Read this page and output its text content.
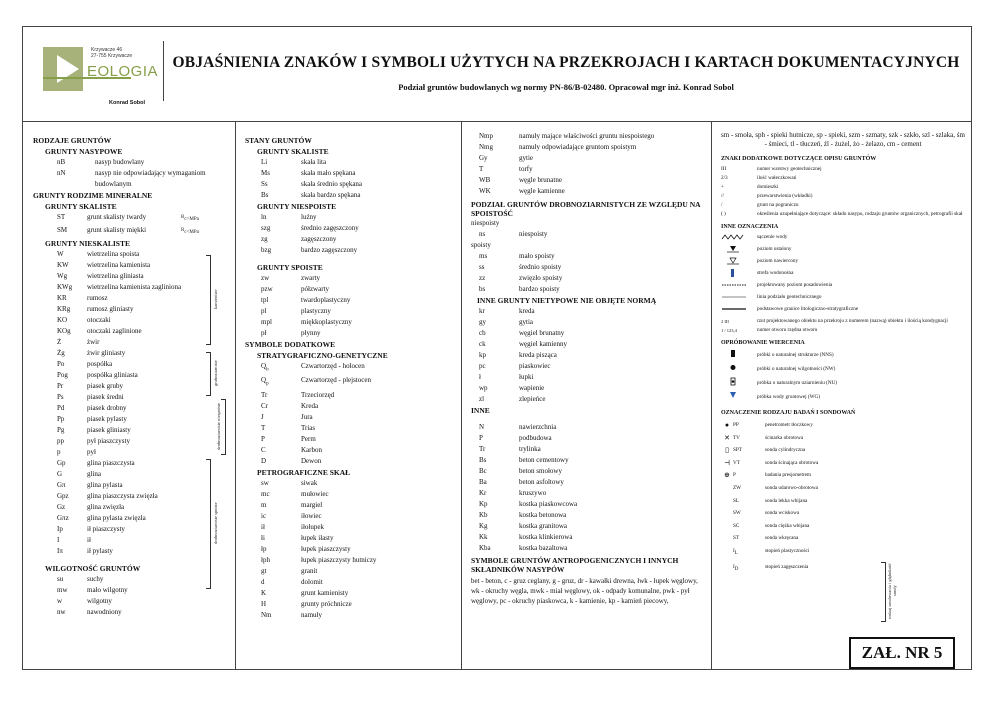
Krzywacze 46
27-755 Krzywacze
EOLOGIA
Konrad Sobol
OBJAŚNIENIA ZNAKÓW I SYMBOLI UŻYTYCH NA PRZEKROJACH I KARTACH DOKUMENTACYJNYCH
Podział gruntów budowlanych wg normy PN-86/B-02480. Opracował mgr inż. Konrad Sobol
RODZAJE GRUNTÓW
GRUNTY NASYPOWE
nB	nasyp budowlany
nN	nasyp nie odpowiadający wymaganiom budowlanym
GRUNTY RODZIME MINERALNE
GRUNTY SKALISTE
ST	grunt skalisty twardy	$R_{c>MPa}$
SM	grunt skalisty miękki	$R_{c<MPa}$
GRUNTY NIESKALISTE
W	wietrzelina spoista
KW	wietrzelina kamienista
Wg	wietrzelina gliniasta
KWg	wietrzelina kamienista zagliniona
KR	rumosz
KRg	rumosz gliniasty
KO	otoczaki
KOg	otoczaki zaglinione
Ż	żwir
Żg	żwir gliniasty
Po	pospółka
Pog	pospółka gliniasta
Pr	piasek gruby
Ps	piasek średni
Pd	piasek drobny
Pp	piasek pylasty
Pg	piasek gliniasty
pp	pył piaszczysty
p	pył
Gp	glina piaszczysta
G	glina
Gπ	glina pylasta
Gpz	glina piaszczysta zwięzła
Gz	glina zwięzła
Gπz	glina pylasta zwięzła
Ip	ił piaszczysty
I	ił
Iπ	ił pylasty
WILGOTNOŚĆ GRUNTÓW
su	suchy
mw	mało wilgotny
w	wilgotny
nw	nawodniony
kamieniste
gruboziarniste
drobnoziarniste niespoiste
drobnoziarniste spoiste
STANY GRUNTÓW
GRUNTY SKALISTE
Li	skała lita
Ms	skała mało spękana
Ss	skała średnio spękana
Bs	skała bardzo spękana
GRUNTY NIESPOISTE
ln	luźny
szg	średnio zagęszczony
zg	zagęszczony
bzg	bardzo zagęszczony
GRUNTY SPOISTE
zw	zwarty
pzw	półzwarty
tpl	twardoplastyczny
pl	plastyczny
mpl	miękkoplastyczny
pł	płynny
SYMBOLE DODATKOWE
STRATYGRAFICZNO-GENETYCZNE
$Q_h$	Czwartorzęd - holocen
$Q_p$	Czwartorzęd - plejstocen
Tr	Trzeciorzęd
Cr	Kreda
J	Jura
T	Trias
P	Perm
C	Karbon
D	Dewon
PETROGRAFICZNE SKAŁ
sw	siwak
mc	mułowiec
m	margiel
ic	iłowiec
ił	iłołupek
łi	łupek iłasty
łp	łupek piaszczysty
łph	łupek piaszczysty hutniczy
gt	granit
d	dolomit
K	grunt kamienisty
H	grunty próchnicze
Nm	namuły
Nmp	namuły mające właściwości gruntu niespoistego
Nmg	namuły odpowiadające gruntom spoistym
Gy	gytie
T	torfy
WB	węgle brunatne
WK	węgle kamienne
PODZIAŁ GRUNTÓW DROBNOZIARNISTYCH ZE WZGLĘDU NA SPOISTOŚĆ
niespoisty
ns	niespoisty
spoisty
ms	mało spoisty
ss	średnio spoisty
zz	zwięzło spoisty
bs	bardzo spoisty
INNE GRUNTY NIETYPOWE NIE OBJĘTE NORMĄ
kr	kreda
gy	gytia
cb	węgiel brunatny
ck	węgiel kamienny
kp	kreda pisząca
pc	piaskowiec
ł	łupki
wp	wapienie
zl	zlepieńce
INNE
N	nawierzchnia
P	podbudowa
Tr	trylinka
Bs	beton cementowy
Bc	beton smołowy
Ba	beton asfoltowy
Kr	kruszywo
Kp	kostka piaskowcowa
Kb	kostka betonowa
Kg	kostka granitowa
Kk	kostka klinkierowa
Kba	kostka bazaltowa
SYMBOLE GRUNTÓW ANTROPOGENICZNYCH I INNYCH SKŁADNIKÓW NASYPÓW
bet - beton, c - gruz ceglany, g - gruz, dr - kawałki drewna, łwk - łupek węglowy, wk - okruchy węgla, mwk - miał węglowy, ok - odpady komunalne, pwk - pył węglowy, pc - okruchy piaskowca, k - kamienie, kp - kamień piecowy,
sm - smoła, sph - spieki hutnicze, sp - spieki, szm - szmaty, szk - szkło, szl - szlaka, śm - śmieci, tl - tłuczeń, źl - żużel, żo - żelazo, cm - cement
ZNAKI DODATKOWE DOTYCZĄCE OPISU GRUNTÓW
III	numer warstwy geotechnicznej
2/3	ilość wałeczkowań
+	domieszki
//	przewarstwienia (wkładki)
/	grunt na pograniczu
( )	określenia uzupełniające dotyczące: składu nasypu, rodzaju gruntów organicznych, petrografii skał
INNE OZNACZENIA
sączenie wody
poziom ustalony
poziom nawiercony
strefa wodonośna
projektowany poziom posadowienia
linia podziału geotechnicznego
podstawowe granice litologiczno-stratygraficzne
2 III	rzut projektowanego obiektu na przekroju z numerem (nazwą) obiektu i ilością kondygnacji
1 / 123,4	numer otworu rzędna otworu
OPRÓBOWANIE WIERCENIA
próbki o naturalnej strukturze (NNS)
próbki o naturalnej wilgotności (NW)
próbka o naturalnym uziarnieniu (NU)
próbka wody gruntowej (WG)
OZNACZENIE RODZAJU BADAŃ I SONDOWAŃ
● PP	penetrometr tłoczkowy
✕ TV	ścinarka obrotowa
▯ SPT	sonda cylindryczna
⊣ VT	sonda ścinająca obrotowa
⊕ P	badania presjometrem
ZW	sonda udarowo-obrotowa
SL	sonda lekka wbijana
SW	sonda wciskowa
SC	sonda ciężka wbijana
ST	sonda wkręcana
$I_L$	stopień plastyczności
$I_D$	stopień zagęszczenia	rodzaj sondowania i głębokość sondy
ZAŁ. NR 5
